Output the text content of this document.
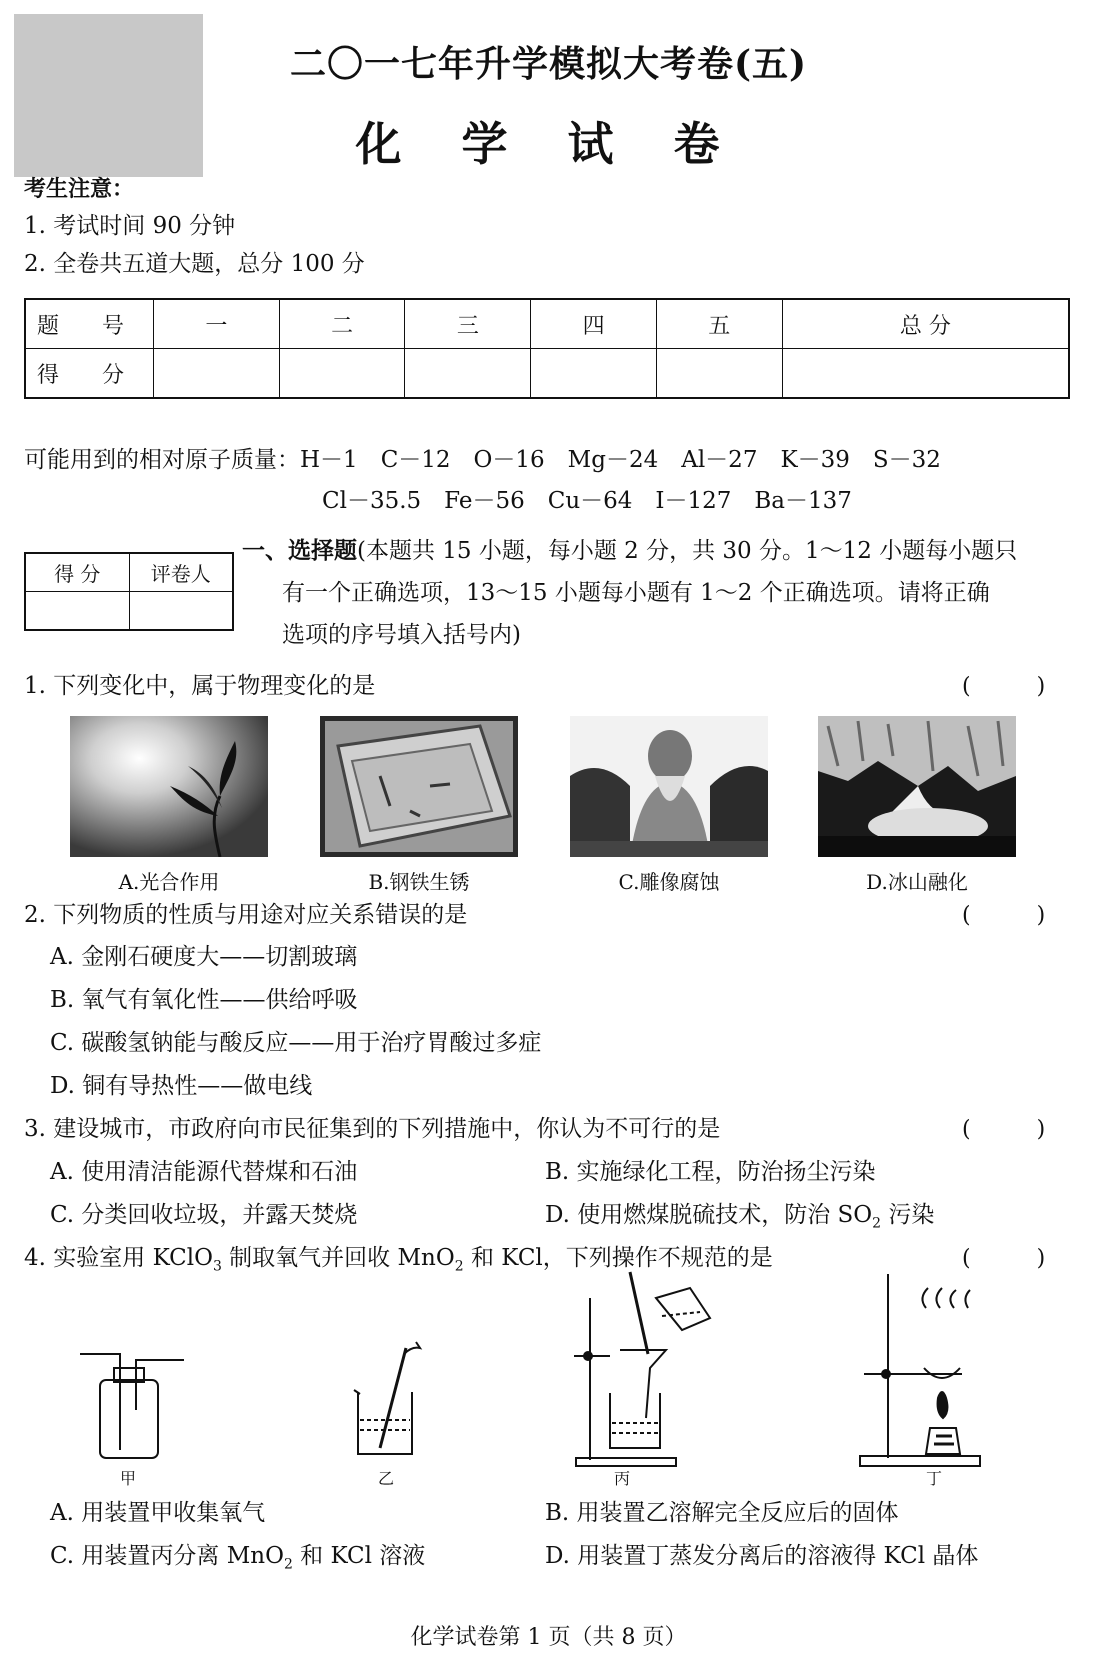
二〇一七年升学模拟大考卷(五)
化 学 试 卷
考生注意：
1. 考试时间 90 分钟
2. 全卷共五道大题，总分 100 分
题 号	一	二	三	四	五	总 分
得 分						
可能用到的相对原子质量：H－1　C－12　O－16　Mg－24　Al－27　K－39　S－32
Cl－35.5　Fe－56　Cu－64　I－127　Ba－137
得 分	评卷人

一、选择题(本题共 15 小题，每小题 2 分，共 30 分。1～12 小题每小题只
有一个正确选项，13～15 小题每小题有 1～2 个正确选项。请将正确
选项的序号填入括号内)
1. 下列变化中，属于物理变化的是	(　　　)
A.光合作用	B.钢铁生锈	C.雕像腐蚀	D.冰山融化
2. 下列物质的性质与用途对应关系错误的是	(　　　)
A. 金刚石硬度大——切割玻璃
B. 氧气有氧化性——供给呼吸
C. 碳酸氢钠能与酸反应——用于治疗胃酸过多症
D. 铜有导热性——做电线
3. 建设城市，市政府向市民征集到的下列措施中，你认为不可行的是	(　　　)
A. 使用清洁能源代替煤和石油	B. 实施绿化工程，防治扬尘污染
C. 分类回收垃圾，并露天焚烧	D. 使用燃煤脱硫技术，防治 $SO_2$ 污染
4. 实验室用 KClO$_3$ 制取氧气并回收 MnO$_2$ 和 KCl，下列操作不规范的是	(　　　)
甲	乙	丙	丁
A. 用装置甲收集氧气	B. 用装置乙溶解完全反应后的固体
C. 用装置丙分离 MnO$_2$ 和 KCl 溶液	D. 用装置丁蒸发分离后的溶液得 KCl 晶体
化学试卷第 1 页（共 8 页）
